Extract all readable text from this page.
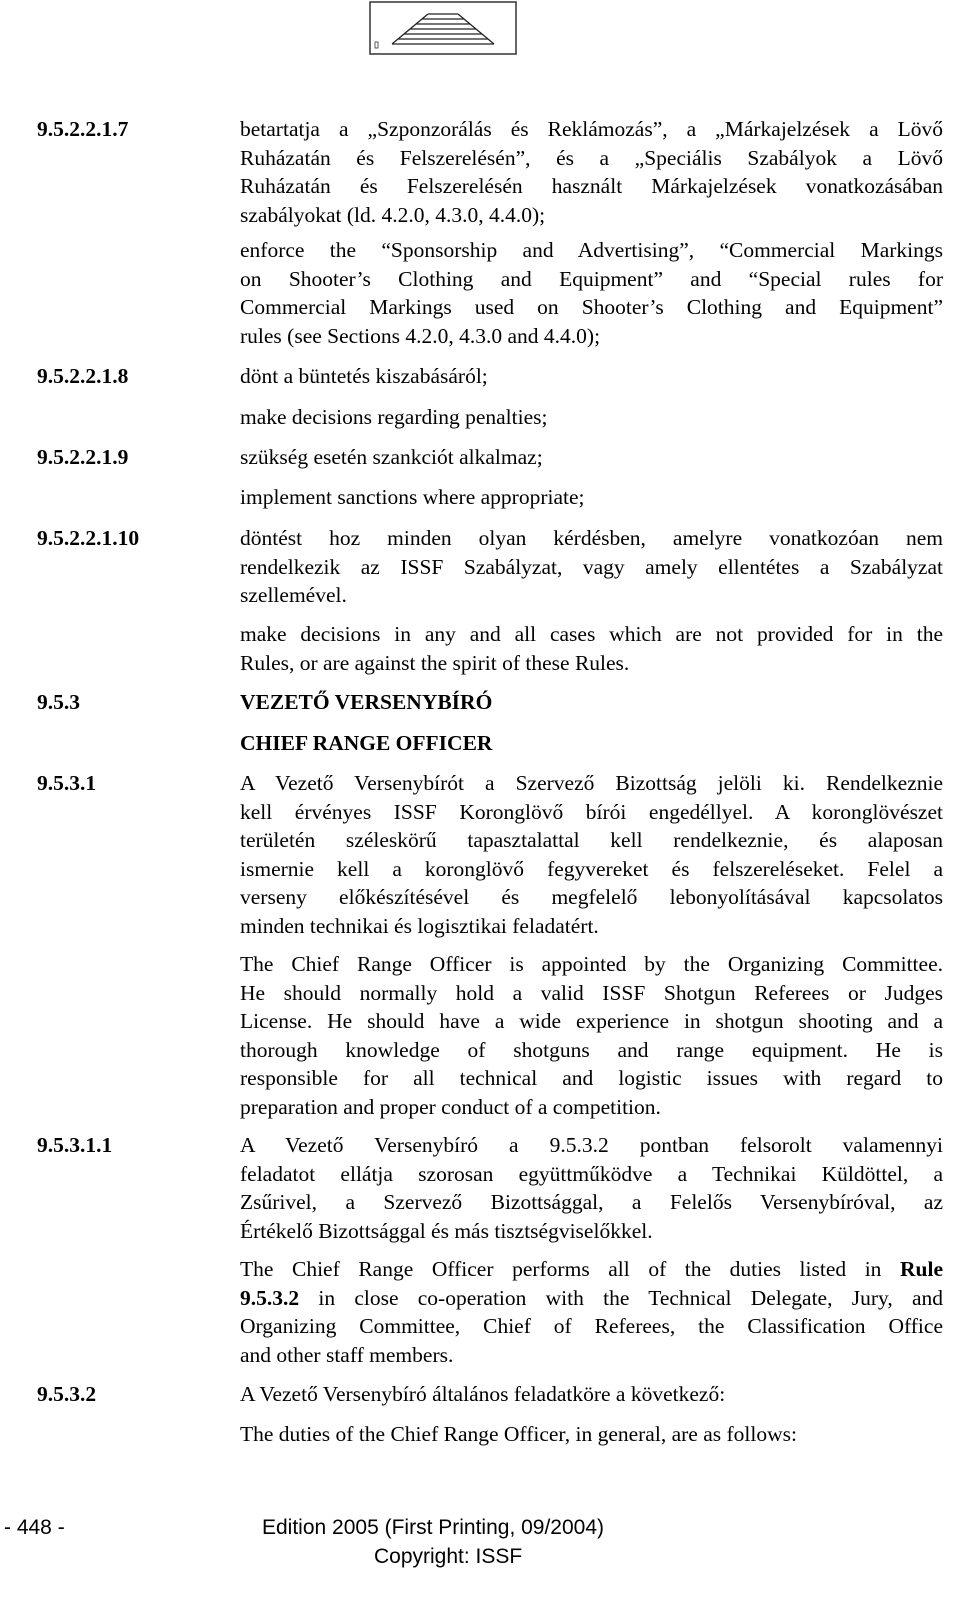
9.5.2.2.1.7	betartatja a „Szponzorálás és Reklámozás”, a „Márkajelzések a Lövő
Ruházatán és Felszerelésén”, és a „Speciális Szabályok a Lövő
Ruházatán és Felszerelésén használt Márkajelzések vonatkozásában
szabályokat (ld. 4.2.0, 4.3.0, 4.4.0);
enforce the “Sponsorship and Advertising”, “Commercial Markings
on Shooter’s Clothing and Equipment” and “Special rules for
Commercial Markings used on Shooter’s Clothing and Equipment”
rules (see Sections 4.2.0, 4.3.0 and 4.4.0);
9.5.2.2.1.8	dönt a büntetés kiszabásáról;
make decisions regarding penalties;
9.5.2.2.1.9	szükség esetén szankciót alkalmaz;
implement sanctions where appropriate;
9.5.2.2.1.10	döntést hoz minden olyan kérdésben, amelyre vonatkozóan nem
rendelkezik az ISSF Szabályzat, vagy amely ellentétes a Szabályzat
szellemével.
make decisions in any and all cases which are not provided for in the
Rules, or are against the spirit of these Rules.
9.5.3	VEZETŐ VERSENYBÍRÓ
CHIEF RANGE OFFICER
9.5.3.1	A Vezető Versenybírót a Szervező Bizottság jelöli ki. Rendelkeznie
kell érvényes ISSF Koronglövő bírói engedéllyel. A koronglövészet
területén széleskörű tapasztalattal kell rendelkeznie, és alaposan
ismernie kell a koronglövő fegyvereket és felszereléseket. Felel a
verseny előkészítésével és megfelelő lebonyolításával kapcsolatos
minden technikai és logisztikai feladatért.
The Chief Range Officer is appointed by the Organizing Committee.
He should normally hold a valid ISSF Shotgun Referees or Judges
License. He should have a wide experience in shotgun shooting and a
thorough knowledge of shotguns and range equipment. He is
responsible for all technical and logistic issues with regard to
preparation and proper conduct of a competition.
9.5.3.1.1	A Vezető Versenybíró a 9.5.3.2 pontban felsorolt valamennyi
feladatot ellátja szorosan együttműködve a Technikai Küldöttel, a
Zsűrivel, a Szervező Bizottsággal, a Felelős Versenybíróval, az
Értékelő Bizottsággal és más tisztségviselőkkel.
The Chief Range Officer performs all of the duties listed in Rule
9.5.3.2 in close co-operation with the Technical Delegate, Jury, and
Organizing Committee, Chief of Referees, the Classification Office
and other staff members.
9.5.3.2	A Vezető Versenybíró általános feladatköre a következő:
The duties of the Chief Range Officer, in general, are as follows:
- 448 -	Edition 2005 (First Printing, 09/2004)
Copyright: ISSF
